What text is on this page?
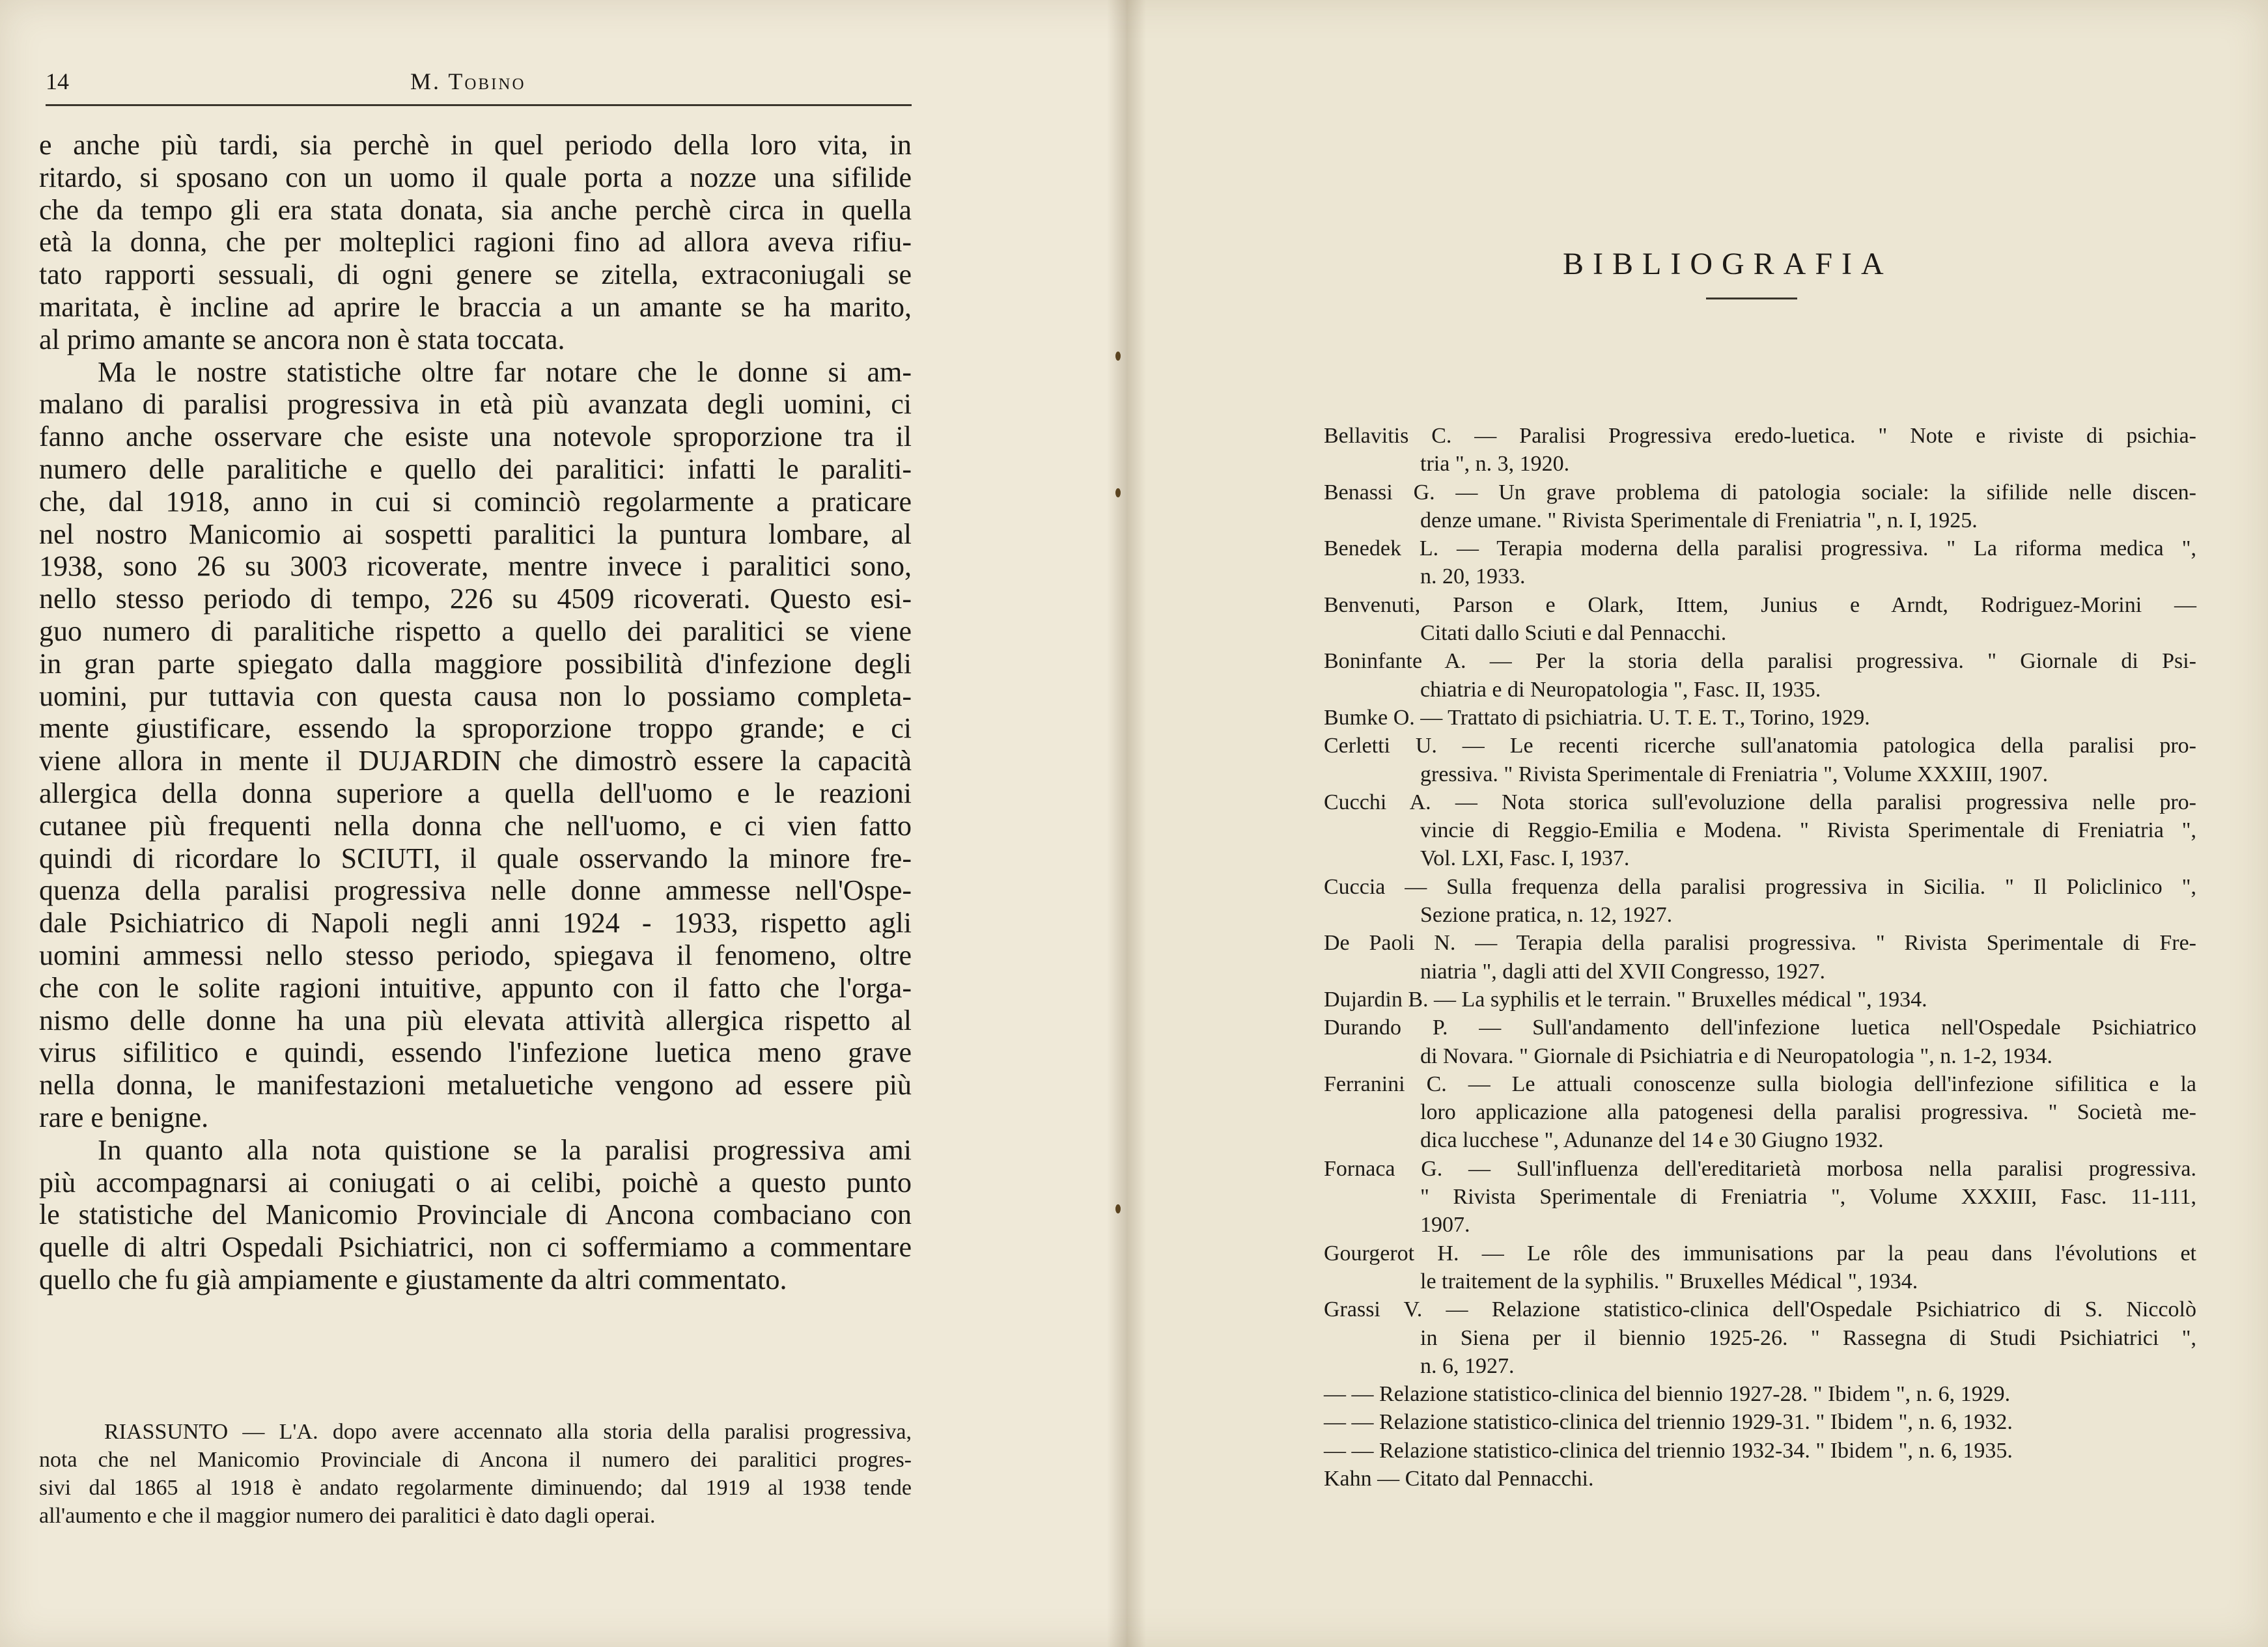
14	M. Tobino
e anche più tardi, sia perchè in quel periodo della loro vita, in
ritardo, si sposano con un uomo il quale porta a nozze una sifilide
che da tempo gli era stata donata, sia anche perchè circa in quella
età la donna, che per molteplici ragioni fino ad allora aveva rifiu-
tato rapporti sessuali, di ogni genere se zitella, extraconiugali se
maritata, è incline ad aprire le braccia a un amante se ha marito,
al primo amante se ancora non è stata toccata.
Ma le nostre statistiche oltre far notare che le donne si am-
malano di paralisi progressiva in età più avanzata degli uomini, ci
fanno anche osservare che esiste una notevole sproporzione tra il
numero delle paralitiche e quello dei paralitici: infatti le paraliti-
che, dal 1918, anno in cui si cominciò regolarmente a praticare
nel nostro Manicomio ai sospetti paralitici la puntura lombare, al
1938, sono 26 su 3003 ricoverate, mentre invece i paralitici sono,
nello stesso periodo di tempo, 226 su 4509 ricoverati. Questo esi-
guo numero di paralitiche rispetto a quello dei paralitici se viene
in gran parte spiegato dalla maggiore possibilità d'infezione degli
uomini, pur tuttavia con questa causa non lo possiamo completa-
mente giustificare, essendo la sproporzione troppo grande; e ci
viene allora in mente il DUJARDIN che dimostrò essere la capacità
allergica della donna superiore a quella dell'uomo e le reazioni
cutanee più frequenti nella donna che nell'uomo, e ci vien fatto
quindi di ricordare lo SCIUTI, il quale osservando la minore fre-
quenza della paralisi progressiva nelle donne ammesse nell'Ospe-
dale Psichiatrico di Napoli negli anni 1924 - 1933, rispetto agli
uomini ammessi nello stesso periodo, spiegava il fenomeno, oltre
che con le solite ragioni intuitive, appunto con il fatto che l'orga-
nismo delle donne ha una più elevata attività allergica rispetto al
virus sifilitico e quindi, essendo l'infezione luetica meno grave
nella donna, le manifestazioni metaluetiche vengono ad essere più
rare e benigne.
In quanto alla nota quistione se la paralisi progressiva ami
più accompagnarsi ai coniugati o ai celibi, poichè a questo punto
le statistiche del Manicomio Provinciale di Ancona combaciano con
quelle di altri Ospedali Psichiatrici, non ci soffermiamo a commentare
quello che fu già ampiamente e giustamente da altri commentato.
RIASSUNTO — L'A. dopo avere accennato alla storia della paralisi progressiva,
nota che nel Manicomio Provinciale di Ancona il numero dei paralitici progres-
sivi dal 1865 al 1918 è andato regolarmente diminuendo; dal 1919 al 1938 tende
all'aumento e che il maggior numero dei paralitici è dato dagli operai.
BIBLIOGRAFIA
Bellavitis C. — Paralisi Progressiva eredo-luetica. " Note e riviste di psichia-
tria ", n. 3, 1920.
Benassi G. — Un grave problema di patologia sociale: la sifilide nelle discen-
denze umane. " Rivista Sperimentale di Freniatria ", n. I, 1925.
Benedek L. — Terapia moderna della paralisi progressiva. " La riforma medica ",
n. 20, 1933.
Benvenuti, Parson e Olark, Ittem, Junius e Arndt, Rodriguez-Morini —
Citati dallo Sciuti e dal Pennacchi.
Boninfante A. — Per la storia della paralisi progressiva. " Giornale di Psi-
chiatria e di Neuropatologia ", Fasc. II, 1935.
Bumke O. — Trattato di psichiatria. U. T. E. T., Torino, 1929.
Cerletti U. — Le recenti ricerche sull'anatomia patologica della paralisi pro-
gressiva. " Rivista Sperimentale di Freniatria ", Volume XXXIII, 1907.
Cucchi A. — Nota storica sull'evoluzione della paralisi progressiva nelle pro-
vincie di Reggio-Emilia e Modena. " Rivista Sperimentale di Freniatria ",
Vol. LXI, Fasc. I, 1937.
Cuccia — Sulla frequenza della paralisi progressiva in Sicilia. " Il Policlinico ",
Sezione pratica, n. 12, 1927.
De Paoli N. — Terapia della paralisi progressiva. " Rivista Sperimentale di Fre-
niatria ", dagli atti del XVII Congresso, 1927.
Dujardin B. — La syphilis et le terrain. " Bruxelles médical ", 1934.
Durando P. — Sull'andamento dell'infezione luetica nell'Ospedale Psichiatrico
di Novara. " Giornale di Psichiatria e di Neuropatologia ", n. 1-2, 1934.
Ferranini C. — Le attuali conoscenze sulla biologia dell'infezione sifilitica e la
loro applicazione alla patogenesi della paralisi progressiva. " Società me-
dica lucchese ", Adunanze del 14 e 30 Giugno 1932.
Fornaca G. — Sull'influenza dell'ereditarietà morbosa nella paralisi progressiva.
" Rivista Sperimentale di Freniatria ", Volume XXXIII, Fasc. 11-111,
1907.
Gourgerot H. — Le rôle des immunisations par la peau dans l'évolutions et
le traitement de la syphilis. " Bruxelles Médical ", 1934.
Grassi V. — Relazione statistico-clinica dell'Ospedale Psichiatrico di S. Niccolò
in Siena per il biennio 1925-26. " Rassegna di Studi Psichiatrici ",
n. 6, 1927.
— — Relazione statistico-clinica del biennio 1927-28. " Ibidem ", n. 6, 1929.
— — Relazione statistico-clinica del triennio 1929-31. " Ibidem ", n. 6, 1932.
— — Relazione statistico-clinica del triennio 1932-34. " Ibidem ", n. 6, 1935.
Kahn — Citato dal Pennacchi.
